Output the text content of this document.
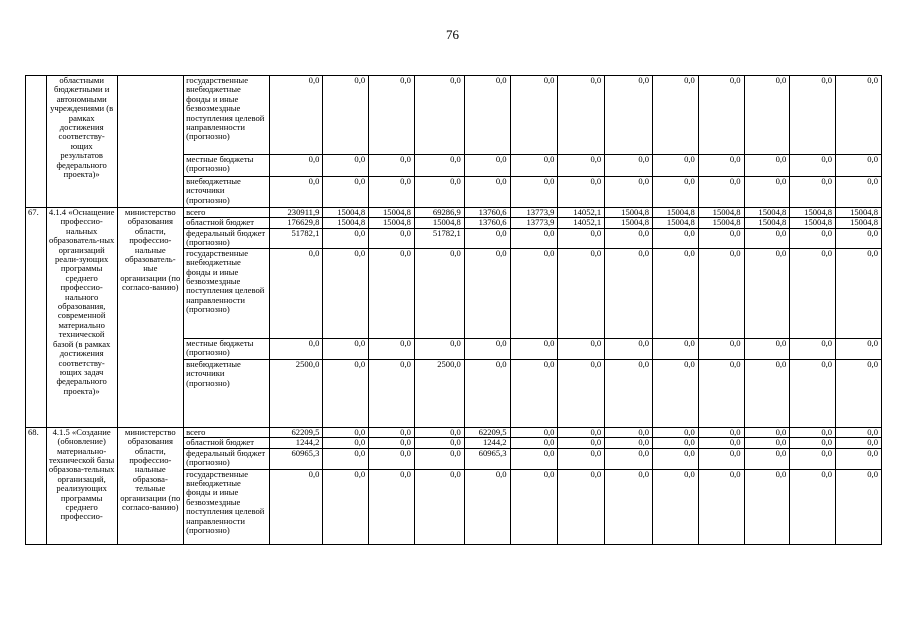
76
	областными бюджетными и автономными учреждениями (в рамках достижения соответству-ющих результатов федерального проекта)»		государственные внебюджетные фонды и иные безвозмездные поступления целевой направленности (прогнозно)	0,0	0,0	0,0	0,0	0,0	0,0	0,0	0,0	0,0	0,0	0,0	0,0	0,0
			местные бюджеты (прогнозно)	0,0	0,0	0,0	0,0	0,0	0,0	0,0	0,0	0,0	0,0	0,0	0,0	0,0
			внебюджетные источники (прогнозно)	0,0	0,0	0,0	0,0	0,0	0,0	0,0	0,0	0,0	0,0	0,0	0,0	0,0
67.	4.1.4 «Оснащение профессио-нальных образователь-ных организаций реали-зующих программы среднего профессио-нального образования, современной материально технической базой (в рамках достижения соответству-ющих задач федерального проекта)»	министерство образования области, профессио-нальные образователь-ные организации (по согласо-ванию)	всего	230911,9	15004,8	15004,8	69286,9	13760,6	13773,9	14052,1	15004,8	15004,8	15004,8	15004,8	15004,8	15004,8
			областной бюджет	176629,8	15004,8	15004,8	15004,8	13760,6	13773,9	14052,1	15004,8	15004,8	15004,8	15004,8	15004,8	15004,8
			федеральный бюджет (прогнозно)	51782,1	0,0	0,0	51782,1	0,0	0,0	0,0	0,0	0,0	0,0	0,0	0,0	0,0
			государственные внебюджетные фонды и иные безвозмездные поступления целевой направленности (прогнозно)	0,0	0,0	0,0	0,0	0,0	0,0	0,0	0,0	0,0	0,0	0,0	0,0	0,0
			местные бюджеты (прогнозно)	0,0	0,0	0,0	0,0	0,0	0,0	0,0	0,0	0,0	0,0	0,0	0,0	0,0
			внебюджетные источники (прогнозно)	2500,0	0,0	0,0	2500,0	0,0	0,0	0,0	0,0	0,0	0,0	0,0	0,0	0,0
68.	4.1.5 «Создание (обновление) материально-технической базы образова-тельных организаций, реализующих программы среднего профессио-	министерство образования области, профессио-нальные образова-тельные организации (по согласо-ванию)	всего	62209,5	0,0	0,0	0,0	62209,5	0,0	0,0	0,0	0,0	0,0	0,0	0,0	0,0
			областной бюджет	1244,2	0,0	0,0	0,0	1244,2	0,0	0,0	0,0	0,0	0,0	0,0	0,0	0,0
			федеральный бюджет (прогнозно)	60965,3	0,0	0,0	0,0	60965,3	0,0	0,0	0,0	0,0	0,0	0,0	0,0	0,0
			государственные внебюджетные фонды и иные безвозмездные поступления целевой направленности (прогнозно)	0,0	0,0	0,0	0,0	0,0	0,0	0,0	0,0	0,0	0,0	0,0	0,0	0,0
